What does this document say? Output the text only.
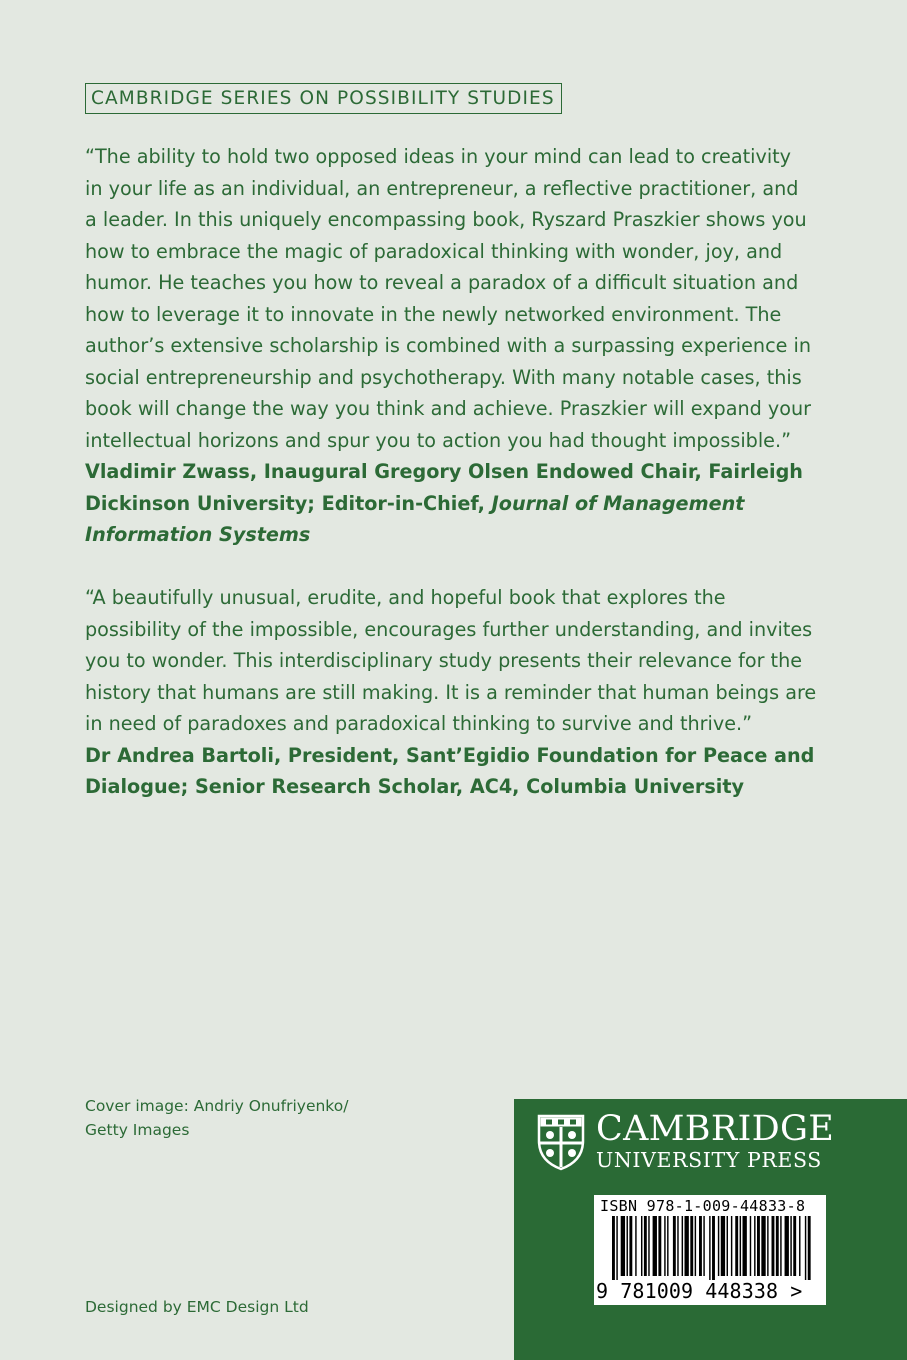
CAMBRIDGE SERIES ON POSSIBILITY STUDIES
“The ability to hold two opposed ideas in your mind can lead to creativity
in your life as an individual, an entrepreneur, a reflective practitioner, and
a leader. In this uniquely encompassing book, Ryszard Praszkier shows you
how to embrace the magic of paradoxical thinking with wonder, joy, and
humor. He teaches you how to reveal a paradox of a difficult situation and
how to leverage it to innovate in the newly networked environment. The
author’s extensive scholarship is combined with a surpassing experience in
social entrepreneurship and psychotherapy. With many notable cases, this
book will change the way you think and achieve. Praszkier will expand your
intellectual horizons and spur you to action you had thought impossible.”
Vladimir Zwass, Inaugural Gregory Olsen Endowed Chair, Fairleigh
Dickinson University; Editor-in-Chief, Journal of Management
Information Systems
“A beautifully unusual, erudite, and hopeful book that explores the
possibility of the impossible, encourages further understanding, and invites
you to wonder. This interdisciplinary study presents their relevance for the
history that humans are still making. It is a reminder that human beings are
in need of paradoxes and paradoxical thinking to survive and thrive.”
Dr Andrea Bartoli, President, Sant’Egidio Foundation for Peace and
Dialogue; Senior Research Scholar, AC4, Columbia University
Cover image: Andriy Onufriyenko/
Getty Images
Designed by EMC Design Ltd
CAMBRIDGE
UNIVERSITY PRESS
ISBN 978-1-009-44833-8
9 781009 448338 >
